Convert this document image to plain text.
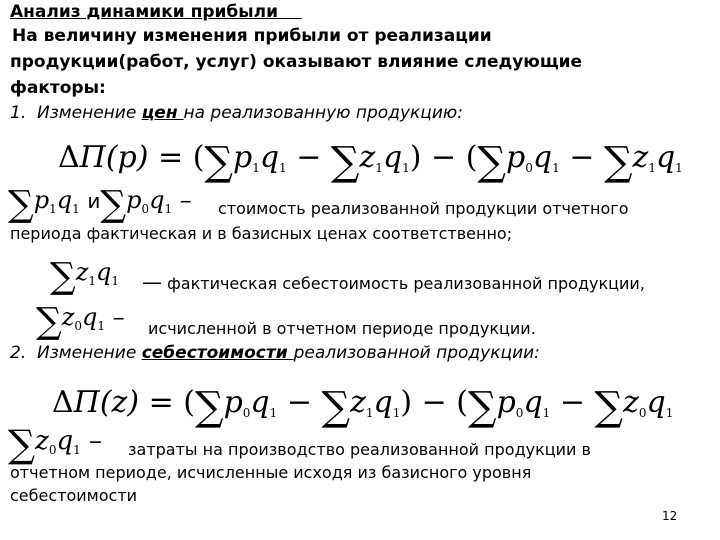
Анализ динамики прибыли
На величину изменения прибыли от реализации
продукции(работ, услуг) оказывают влияние следующие
факторы:
1. Изменение цен на реализованную продукцию:
$\Delta П(p) = (\sum p_1q_1 - \sum z_1q_1) - (\sum p_0q_1 - \sum z_1q_1$
$\sum p_1q_1$ $и\sum p_0q_1$ – стоимость реализованной продукции отчетного
периода фактическая и в базисных ценах соответственно;
$\sum z_1q_1$ — фактическая себестоимость реализованной продукции,
$\sum z_0q_1$ – исчисленной в отчетном периоде продукции.
2. Изменение себестоимости реализованной продукции:
$\Delta П(z) = (\sum p_0q_1 - \sum z_1q_1) - (\sum p_0q_1 - \sum z_0q_1$
$\sum z_0q_1$ – затраты на производство реализованной продукции в
отчетном периоде, исчисленные исходя из базисного уровня
себестоимости
12
